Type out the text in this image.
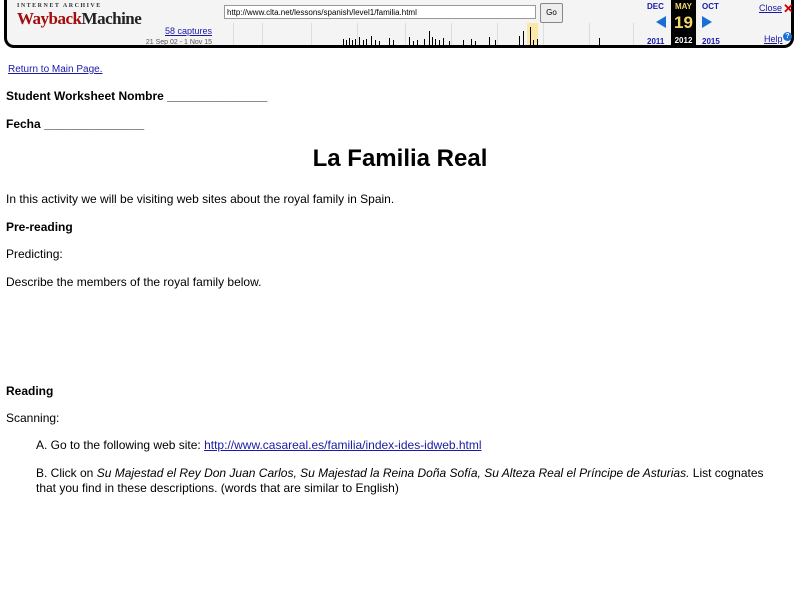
INTERNET ARCHIVE
WaybackMachine
58 captures
21 Sep 02 - 1 Nov 15
http://www.clta.net/lessons/spanish/level1/familia.html	Go
DEC	MAY
19
2012
OCT
2011	2015
Close ✕
Help ?
Return to Main Page.
Student Worksheet Nombre _______________
Fecha _______________
La Familia Real
In this activity we will be visiting web sites about the royal family in Spain.
Pre-reading
Predicting:
Describe the members of the royal family below.
Reading
Scanning:
A. Go to the following web site: http://www.casareal.es/familia/index-ides-idweb.html
B. Click on Su Majestad el Rey Don Juan Carlos, Su Majestad la Reina Doña Sofía, Su Alteza Real el Príncipe de Asturias. List cognates that you find in these descriptions. (words that are similar to English)
